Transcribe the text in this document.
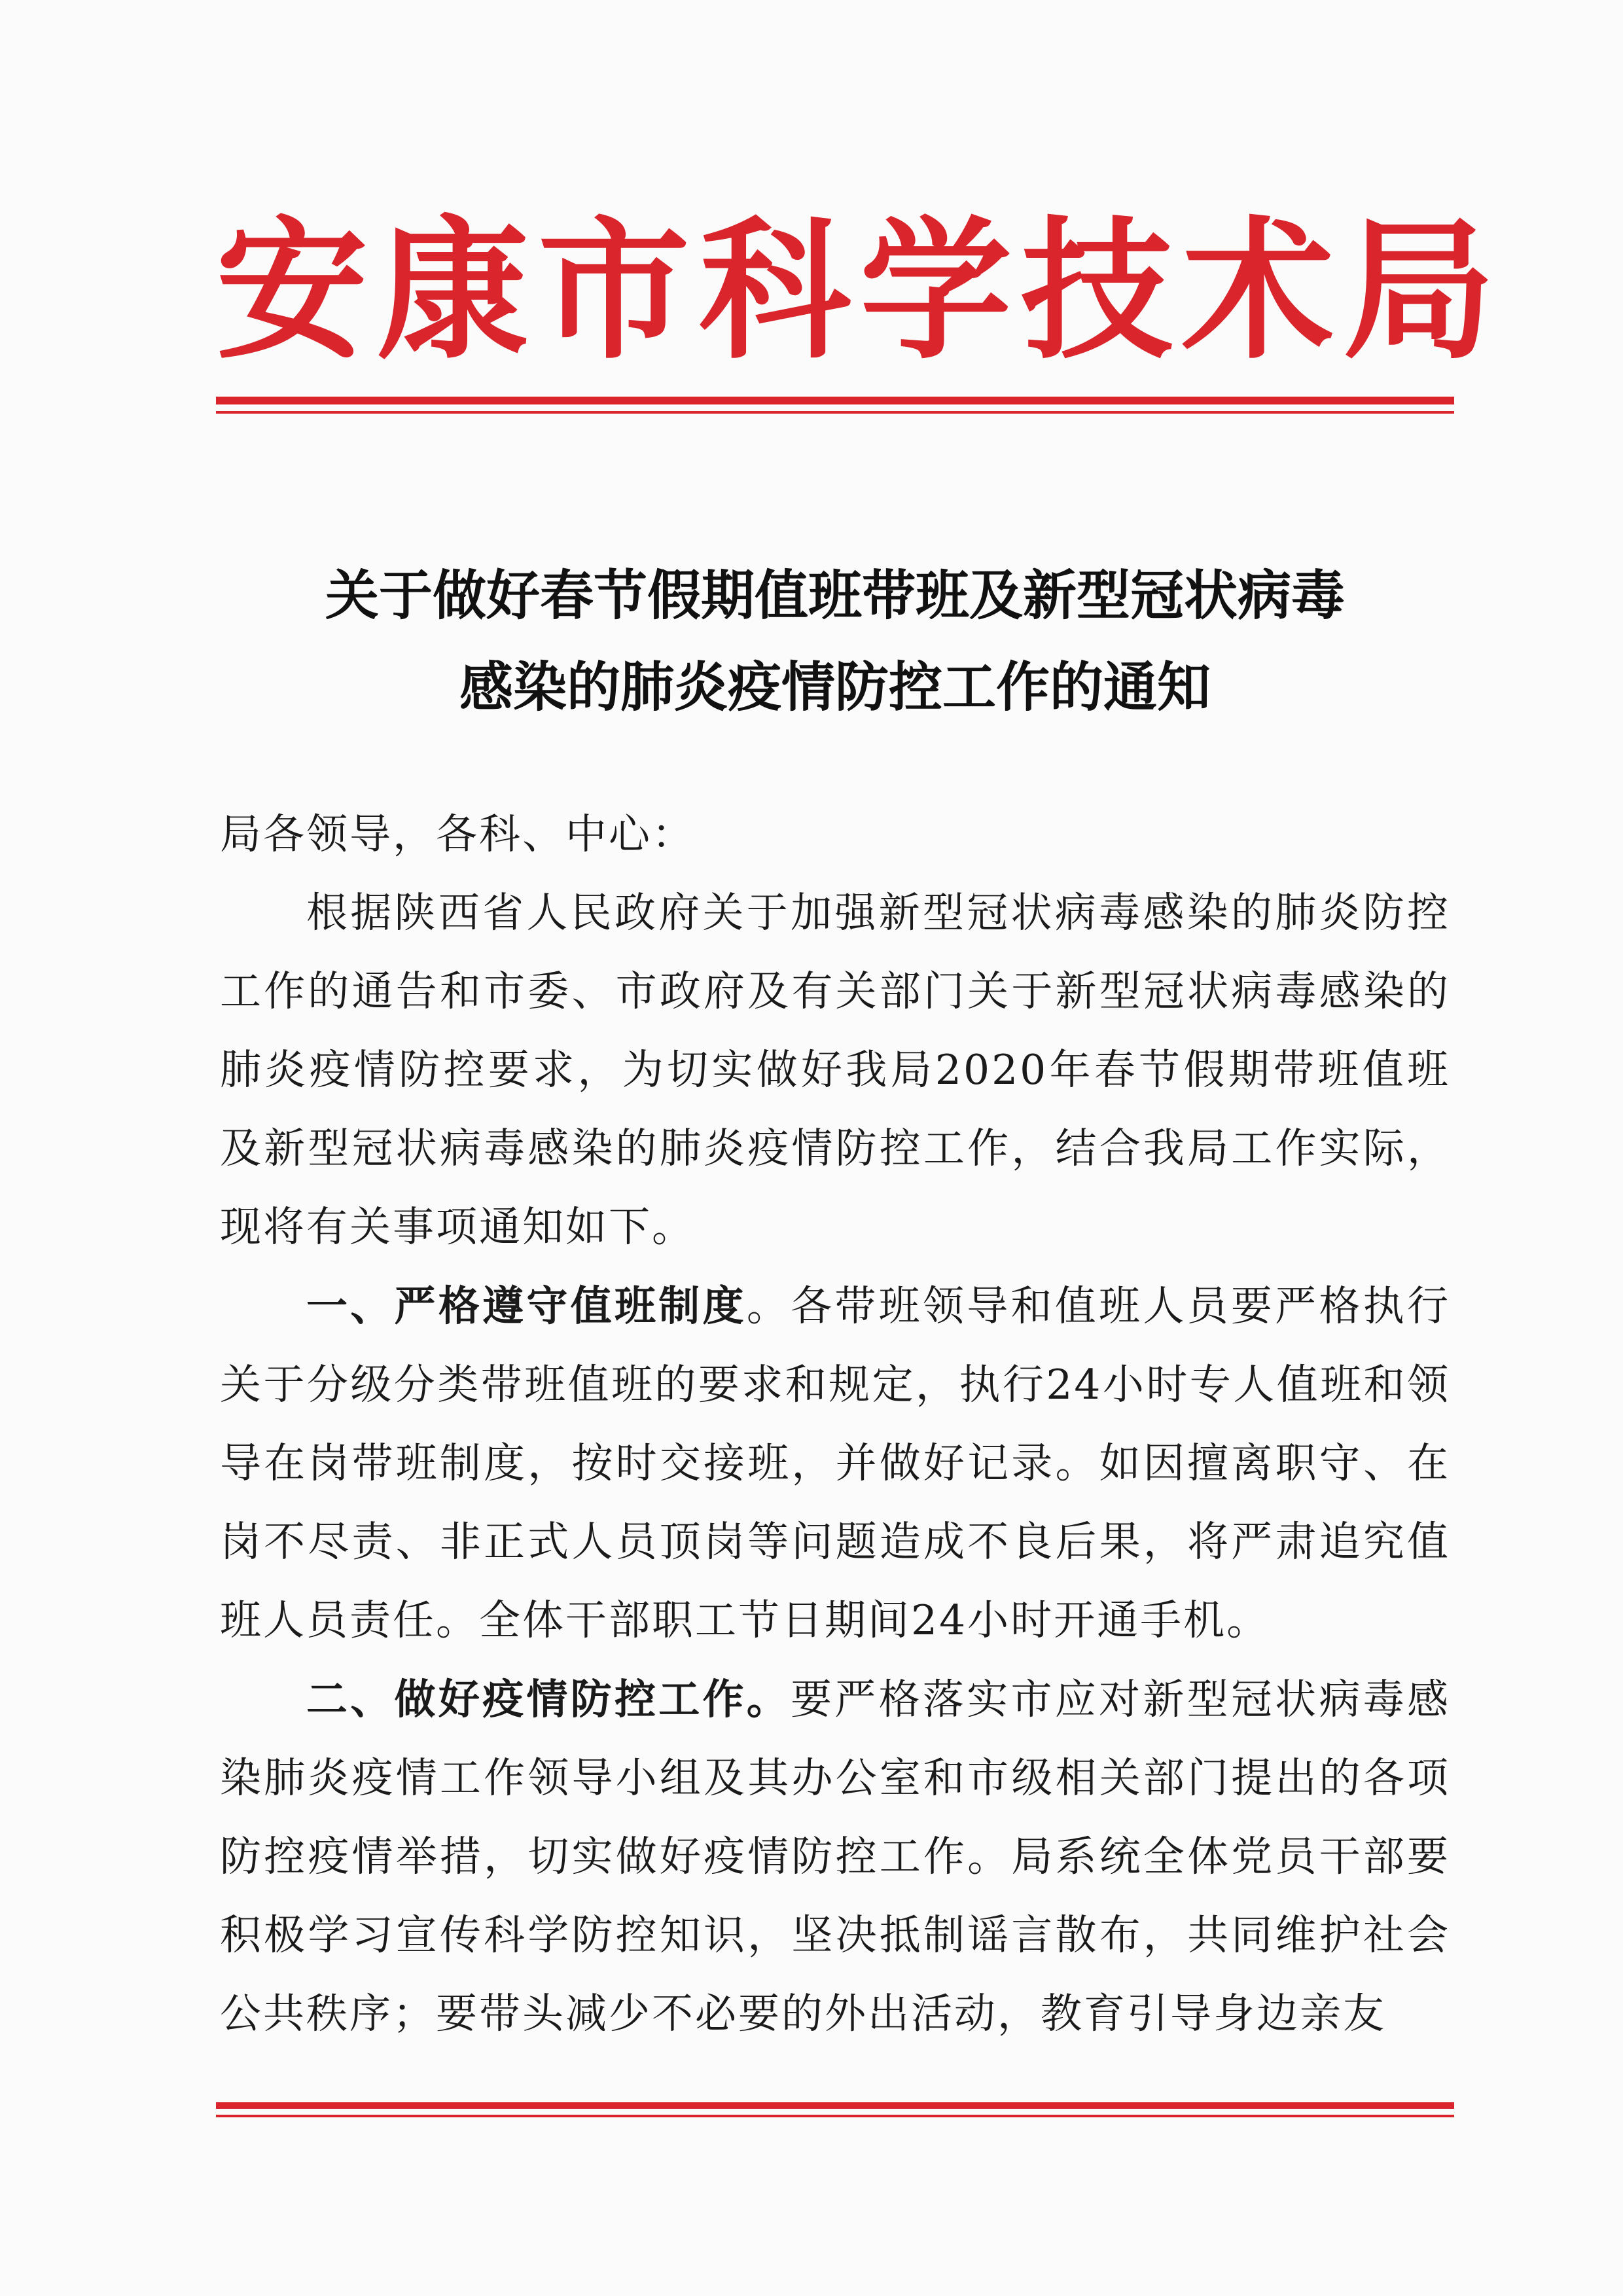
安康市科学技术局
关于做好春节假期值班带班及新型冠状病毒
感染的肺炎疫情防控工作的通知

局各领导，各科、中心：

根据陕西省人民政府关于加强新型冠状病毒感染的肺炎防控工作的通告和市委、市政府及有关部门关于新型冠状病毒感染的肺炎疫情防控要求，为切实做好我局2020年春节假期带班值班及新型冠状病毒感染的肺炎疫情防控工作，结合我局工作实际，现将有关事项通知如下。

一、严格遵守值班制度。各带班领导和值班人员要严格执行关于分级分类带班值班的要求和规定，执行24小时专人值班和领导在岗带班制度，按时交接班，并做好记录。如因擅离职守、在岗不尽责、非正式人员顶岗等问题造成不良后果，将严肃追究值班人员责任。全体干部职工节日期间24小时开通手机。

二、做好疫情防控工作。要严格落实市应对新型冠状病毒感染肺炎疫情工作领导小组及其办公室和市级相关部门提出的各项防控疫情举措，切实做好疫情防控工作。局系统全体党员干部要积极学习宣传科学防控知识，坚决抵制谣言散布，共同维护社会公共秩序；要带头减少不必要的外出活动，教育引导身边亲友
